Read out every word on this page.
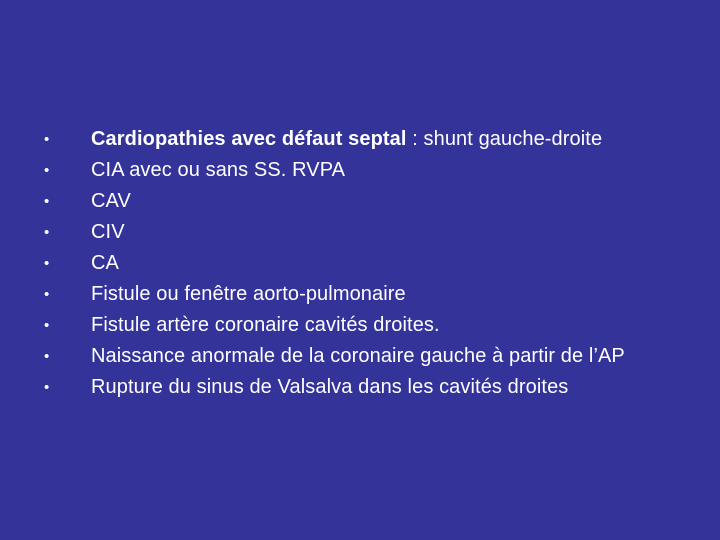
•	Cardiopathies avec défaut septal : shunt gauche-droite
•	CIA avec ou sans SS. RVPA
•	CAV
•	CIV
•	CA
•	Fistule ou fenêtre aorto-pulmonaire
•	Fistule artère coronaire cavités droites.
•	Naissance anormale de la coronaire gauche à partir de l’AP
•	Rupture du sinus de Valsalva dans les cavités droites
